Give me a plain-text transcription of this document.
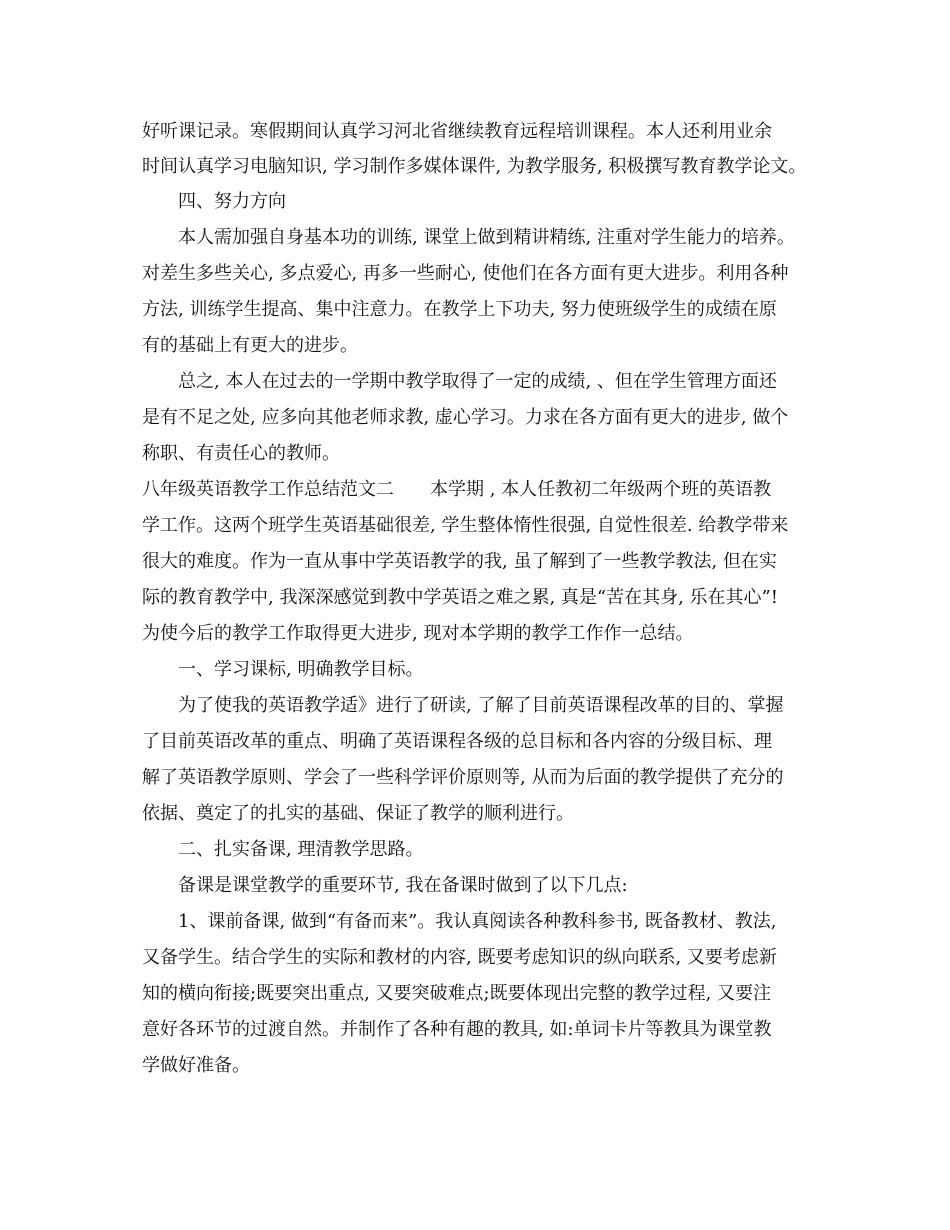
好听课记录。寒假期间认真学习河北省继续教育远程培训课程。本人还利用业余
时间认真学习电脑知识, 学习制作多媒体课件, 为教学服务, 积极撰写教育教学论文。
四、努力方向
本人需加强自身基本功的训练, 课堂上做到精讲精练, 注重对学生能力的培养。
对差生多些关心, 多点爱心, 再多一些耐心, 使他们在各方面有更大进步。利用各种
方法, 训练学生提高、集中注意力。在教学上下功夫, 努力使班级学生的成绩在原
有的基础上有更大的进步。
总之, 本人在过去的一学期中教学取得了一定的成绩, 、但在学生管理方面还
是有不足之处, 应多向其他老师求教, 虚心学习。力求在各方面有更大的进步, 做个
称职、有责任心的教师。
八年级英语教学工作总结范文二　　本学期 , 本人任教初二年级两个班的英语教
学工作。这两个班学生英语基础很差, 学生整体惰性很强, 自觉性很差. 给教学带来
很大的难度。作为一直从事中学英语教学的我, 虽了解到了一些教学教法, 但在实
际的教育教学中, 我深深感觉到教中学英语之难之累, 真是“苦在其身, 乐在其心”!
为使今后的教学工作取得更大进步, 现对本学期的教学工作作一总结。
一、学习课标, 明确教学目标。
为了使我的英语教学适》进行了研读, 了解了目前英语课程改革的目的、掌握
了目前英语改革的重点、明确了英语课程各级的总目标和各内容的分级目标、理
解了英语教学原则、学会了一些科学评价原则等, 从而为后面的教学提供了充分的
依据、奠定了的扎实的基础、保证了教学的顺利进行。
二、扎实备课, 理清教学思路。
备课是课堂教学的重要环节, 我在备课时做到了以下几点:
1、课前备课, 做到“有备而来”。我认真阅读各种教科参书, 既备教材、教法,
又备学生。结合学生的实际和教材的内容, 既要考虑知识的纵向联系, 又要考虑新
知的横向衔接;既要突出重点, 又要突破难点;既要体现出完整的教学过程, 又要注
意好各环节的过渡自然。并制作了各种有趣的教具, 如:单词卡片等教具为课堂教
学做好准备。
